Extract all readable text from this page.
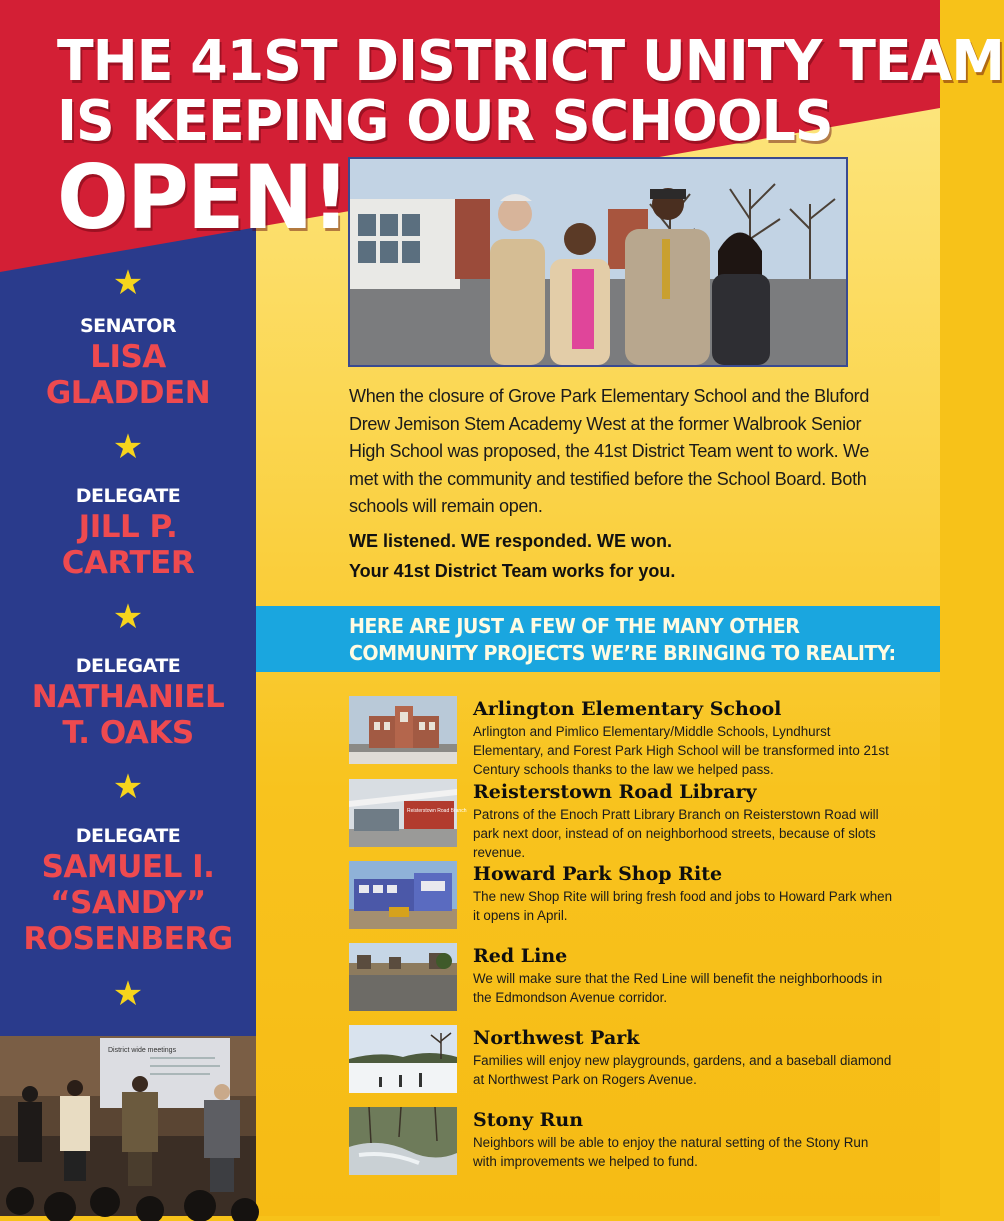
THE 41ST DISTRICT UNITY TEAM
IS KEEPING OUR SCHOOLS
OPEN!
★
SENATOR
LISA
GLADDEN
★
DELEGATE
JILL P.
CARTER
★
DELEGATE
NATHANIEL
T. OAKS
★
DELEGATE
SAMUEL I.
“SANDY”
ROSENBERG
★
District wide meetings
When the closure of Grove Park Elementary School and the Bluford Drew Jemison Stem Academy West at the former Walbrook Senior High School was proposed, the 41st District Team went to work. We met with the community and testified before the School Board. Both schools will remain open.
WE listened. WE responded. WE won.
Your 41st District Team works for you.
HERE ARE JUST A FEW OF THE MANY OTHER
COMMUNITY PROJECTS WE’RE BRINGING TO REALITY:

Arlington Elementary School

Arlington and Pimlico Elementary/Middle Schools, Lyndhurst Elementary, and Forest Park High School will be transformed into 21st Century schools thanks to the law we helped pass.

Reisterstown Road Branch

Reisterstown Road Library

Patrons of the Enoch Pratt Library Branch on Reisterstown Road will park next door, instead of on neighborhood streets, because of slots revenue.

Howard Park Shop Rite

The new Shop Rite will bring fresh food and jobs to Howard Park when it opens in April.

Red Line

We will make sure that the Red Line will benefit the neighborhoods in the Edmondson Avenue corridor.

Northwest Park

Families will enjoy new playgrounds, gardens, and a baseball diamond at Northwest Park on Rogers Avenue.

Stony Run

Neighbors will be able to enjoy the natural setting of the Stony Run with improvements we helped to fund.
